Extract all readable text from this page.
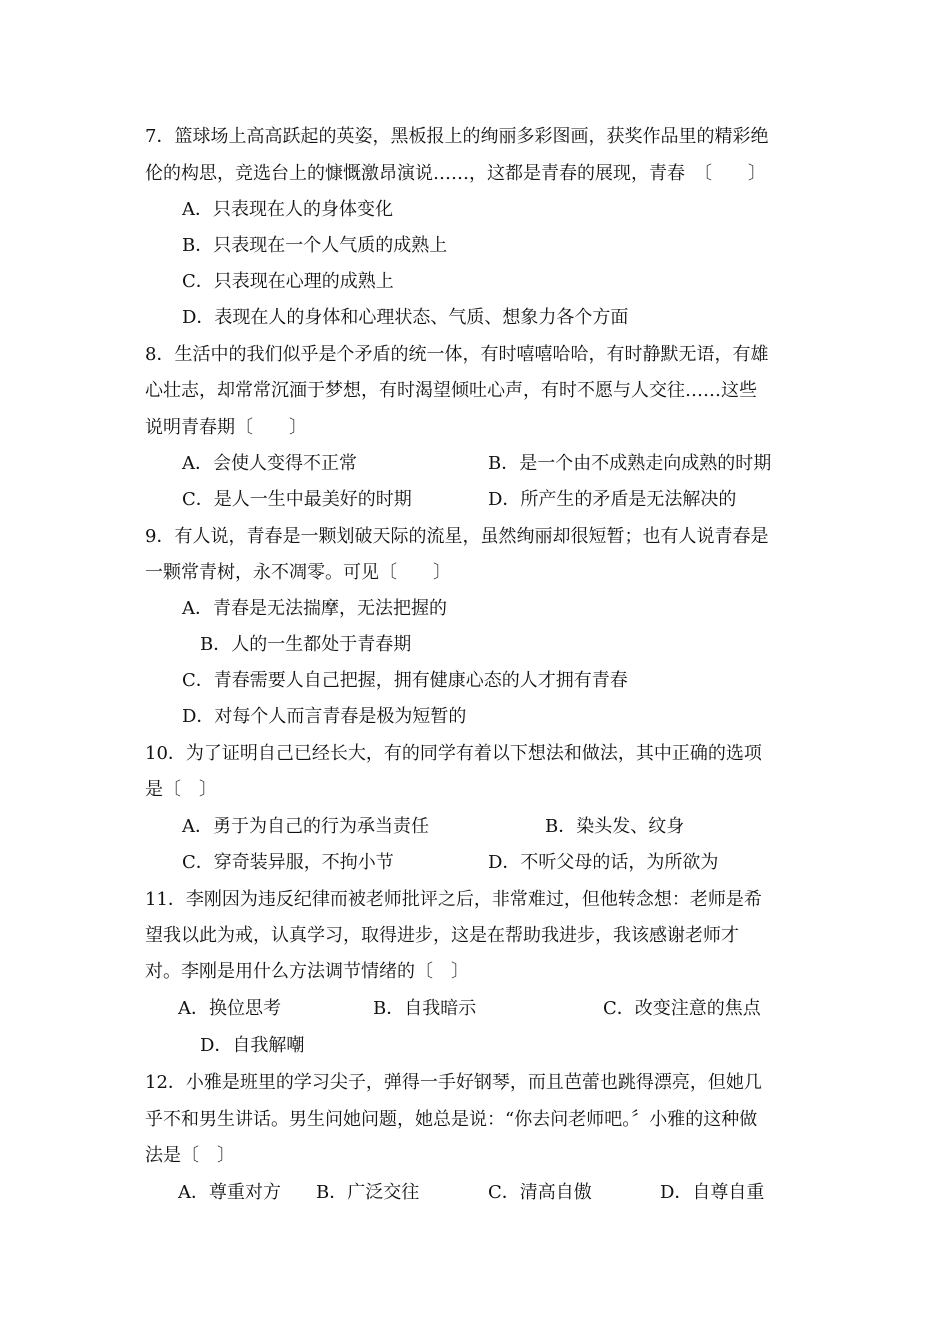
7．篮球场上高高跃起的英姿，黑板报上的绚丽多彩图画，获奖作品里的精彩绝
伦的构思，竞选台上的慷慨激昂演说……，这都是青春的展现，青春　〔　　〕
A．只表现在人的身体变化
B．只表现在一个人气质的成熟上
C．只表现在心理的成熟上
D．表现在人的身体和心理状态、气质、想象力各个方面
8．生活中的我们似乎是个矛盾的统一体，有时嘻嘻哈哈，有时静默无语，有雄
心壮志，却常常沉湎于梦想，有时渴望倾吐心声，有时不愿与人交往……这些
说明青春期〔　　〕
A．会使人变得不正常	B．是一个由不成熟走向成熟的时期
C．是人一生中最美好的时期	D．所产生的矛盾是无法解决的
9．有人说，青春是一颗划破天际的流星，虽然绚丽却很短暂；也有人说青春是
一颗常青树，永不凋零。可见〔　　〕
A．青春是无法揣摩，无法把握的
B．人的一生都处于青春期
C．青春需要人自己把握，拥有健康心态的人才拥有青春
D．对每个人而言青春是极为短暂的
10．为了证明自己已经长大，有的同学有着以下想法和做法，其中正确的选项
是〔　〕
A．勇于为自己的行为承当责任	B．染头发、纹身
C．穿奇装异服，不拘小节	D．不听父母的话，为所欲为
11．李刚因为违反纪律而被老师批评之后，非常难过，但他转念想：老师是希
望我以此为戒，认真学习，取得进步，这是在帮助我进步，我该感谢老师才
对。李刚是用什么方法调节情绪的〔　〕
A．换位思考	B．自我暗示	C．改变注意的焦点
D．自我解嘲
12．小雅是班里的学习尖子，弹得一手好钢琴，而且芭蕾也跳得漂亮，但她几
乎不和男生讲话。男生问她问题，她总是说：“你去问老师吧。〞小雅的这种做
法是〔　〕
A．尊重对方 B．广泛交往	C．清高自傲	D．自尊自重
